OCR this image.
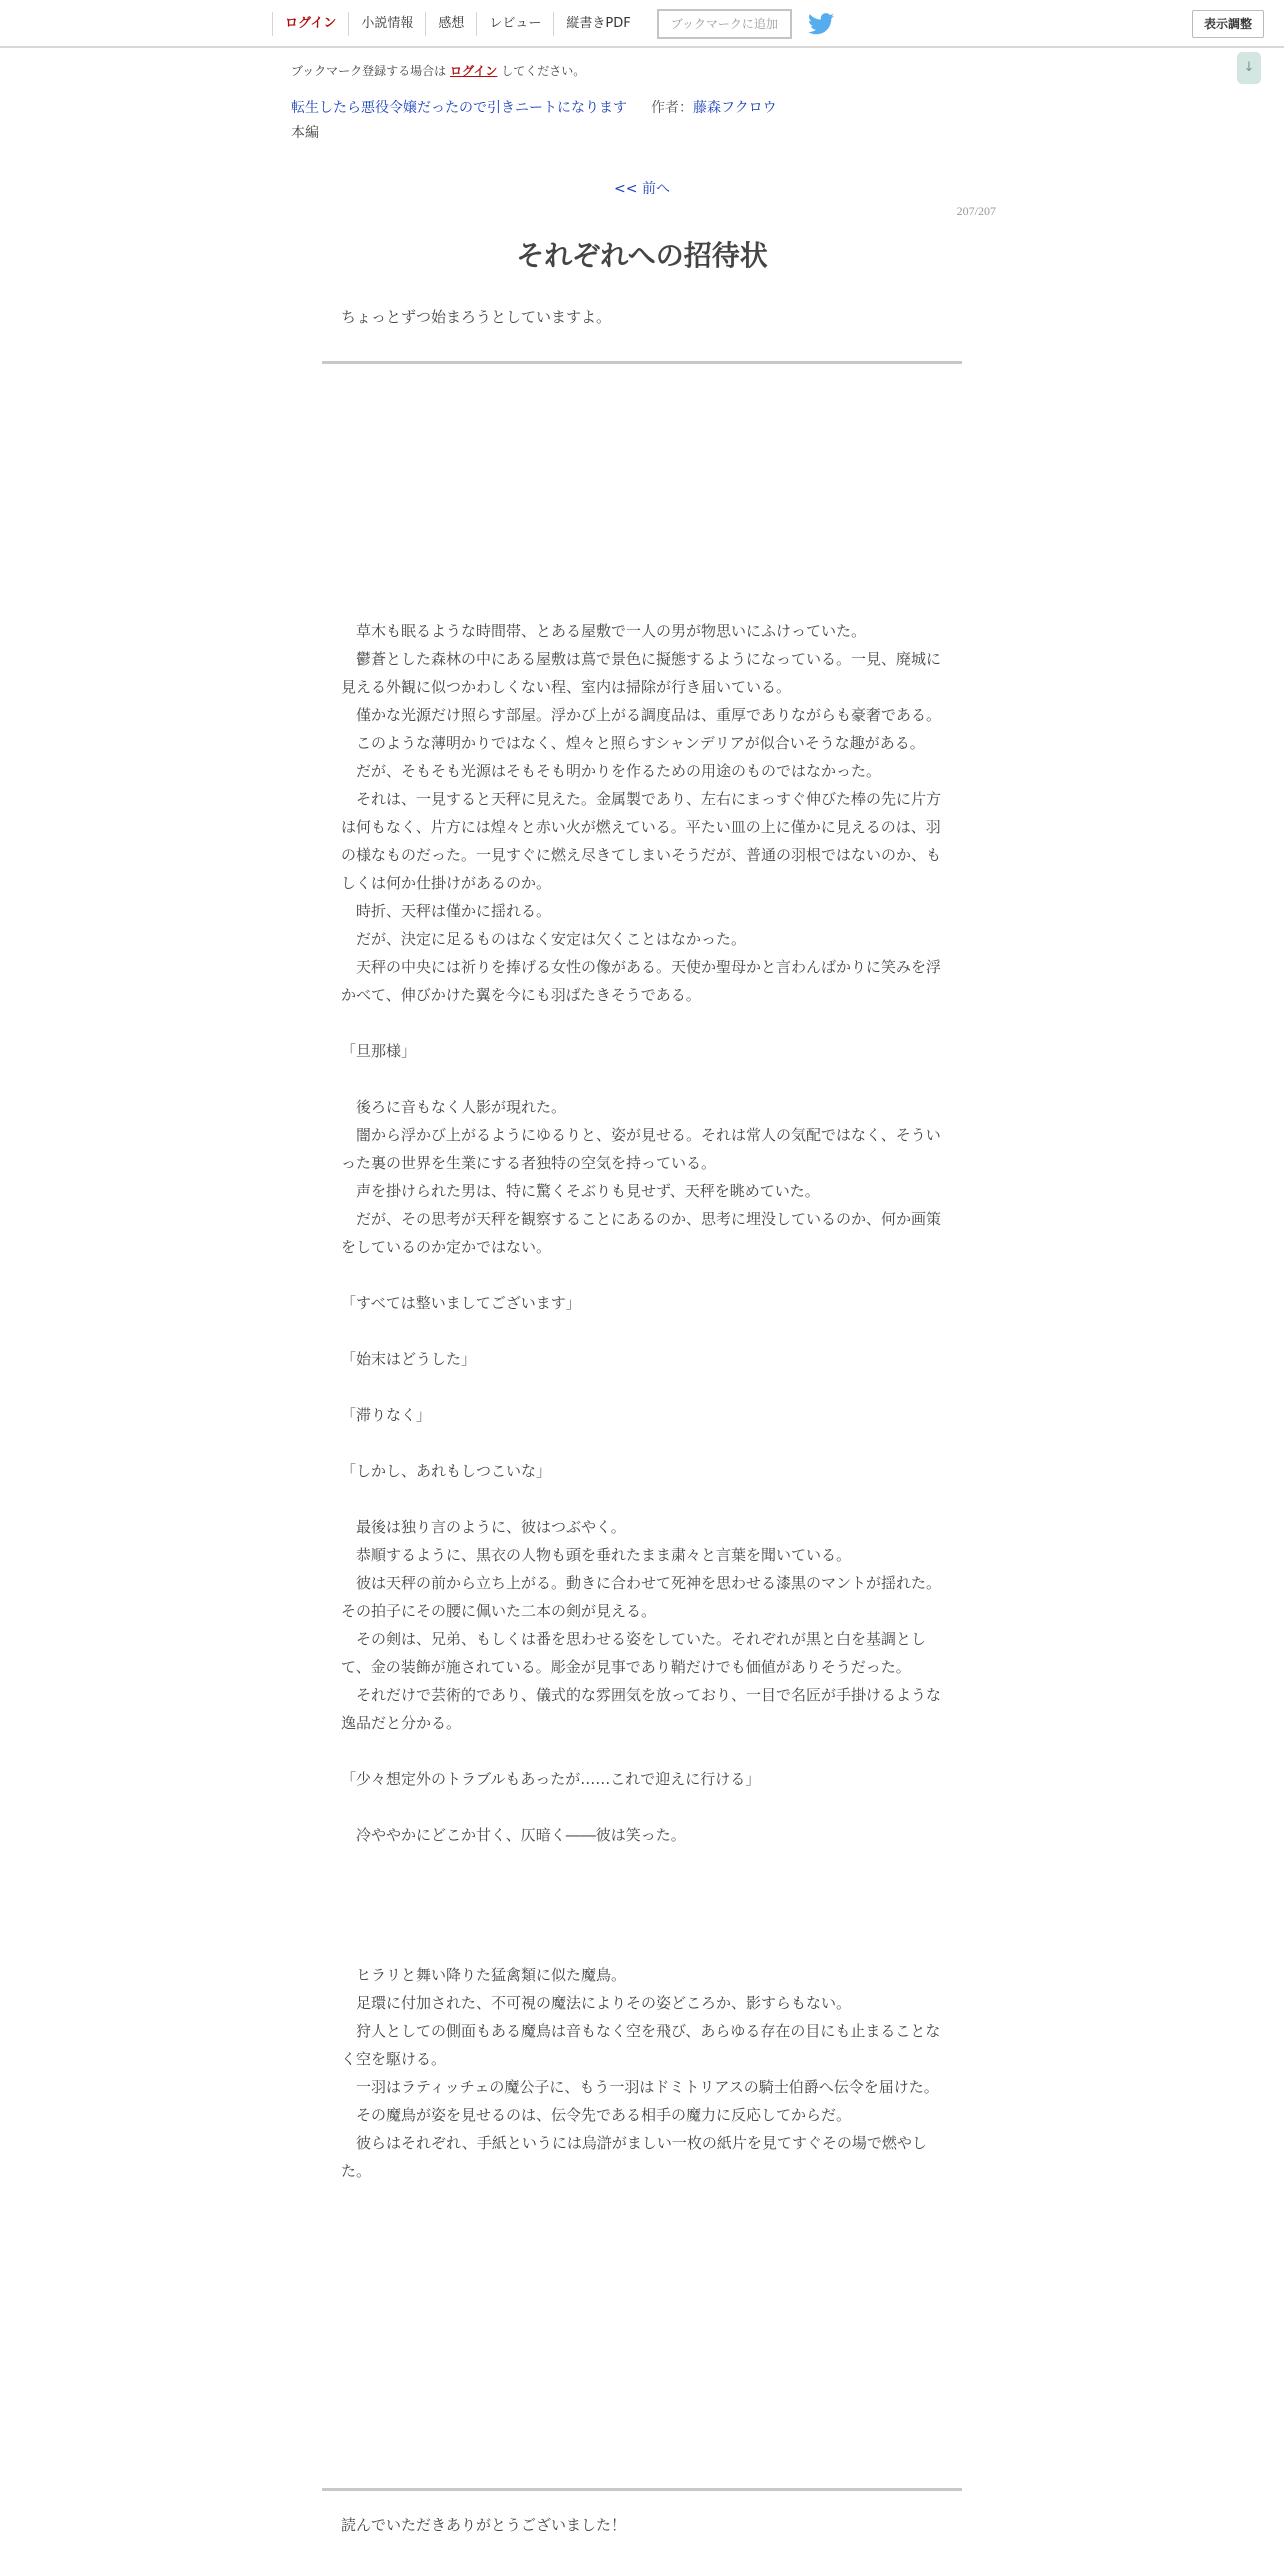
ログイン	小説情報	感想	レビュー	縦書きPDF	ブックマークに追加	表示調整
↓
ブックマーク登録する場合は ログイン してください。
転生したら悪役令嬢だったので引きニートになります 作者： 藤森フクロウ
本編
<< 前へ
207/207
それぞれへの招待状
ちょっとずつ始まろうとしていますよ。

　草木も眠るような時間帯、とある屋敷で一人の男が物思いにふけっていた。

　鬱蒼とした森林の中にある屋敷は蔦で景色に擬態するようになっている。一見、廃城に見える外観に似つかわしくない程、室内は掃除が行き届いている。

　僅かな光源だけ照らす部屋。浮かび上がる調度品は、重厚でありながらも豪奢である。

　このような薄明かりではなく、煌々と照らすシャンデリアが似合いそうな趣がある。

　だが、そもそも光源はそもそも明かりを作るための用途のものではなかった。

　それは、一見すると天秤に見えた。金属製であり、左右にまっすぐ伸びた棒の先に片方は何もなく、片方には煌々と赤い火が燃えている。平たい皿の上に僅かに見えるのは、羽の様なものだった。一見すぐに燃え尽きてしまいそうだが、普通の羽根ではないのか、もしくは何か仕掛けがあるのか。

　時折、天秤は僅かに揺れる。

　だが、決定に足るものはなく安定は欠くことはなかった。

　天秤の中央には祈りを捧げる女性の像がある。天使か聖母かと言わんばかりに笑みを浮かべて、伸びかけた翼を今にも羽ばたきそうである。

「旦那様」

　後ろに音もなく人影が現れた。

　闇から浮かび上がるようにゆるりと、姿が見せる。それは常人の気配ではなく、そういった裏の世界を生業にする者独特の空気を持っている。

　声を掛けられた男は、特に驚くそぶりも見せず、天秤を眺めていた。

　だが、その思考が天秤を観察することにあるのか、思考に埋没しているのか、何か画策をしているのか定かではない。

「すべては整いましてございます」

「始末はどうした」

「滞りなく」

「しかし、あれもしつこいな」

　最後は独り言のように、彼はつぶやく。

　恭順するように、黒衣の人物も頭を垂れたまま粛々と言葉を聞いている。

　彼は天秤の前から立ち上がる。動きに合わせて死神を思わせる漆黒のマントが揺れた。その拍子にその腰に佩いた二本の剣が見える。

　その剣は、兄弟、もしくは番を思わせる姿をしていた。それぞれが黒と白を基調として、金の装飾が施されている。彫金が見事であり鞘だけでも価値がありそうだった。

　それだけで芸術的であり、儀式的な雰囲気を放っており、一目で名匠が手掛けるような逸品だと分かる。

「少々想定外のトラブルもあったが……これで迎えに行ける」

　冷ややかにどこか甘く、仄暗く――彼は笑った。

　ヒラリと舞い降りた猛禽類に似た魔鳥。

　足環に付加された、不可視の魔法によりその姿どころか、影すらもない。

　狩人としての側面もある魔鳥は音もなく空を飛び、あらゆる存在の目にも止まることなく空を駆ける。

　一羽はラティッチェの魔公子に、もう一羽はドミトリアスの騎士伯爵へ伝令を届けた。

　その魔鳥が姿を見せるのは、伝令先である相手の魔力に反応してからだ。

　彼らはそれぞれ、手紙というには烏滸がましい一枚の紙片を見てすぐその場で燃やした。

読んでいただきありがとうございました！
